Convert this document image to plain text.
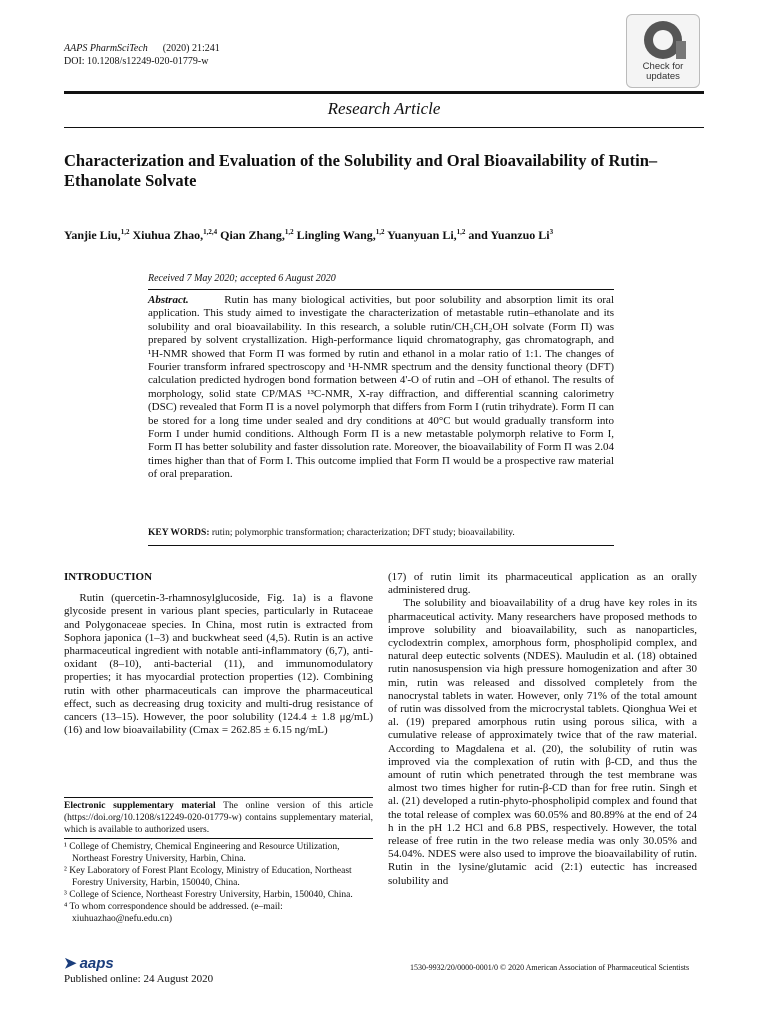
AAPS PharmSciTech (2020) 21:241
DOI: 10.1208/s12249-020-01779-w	Check for
updates
Research Article
Characterization and Evaluation of the Solubility and Oral Bioavailability of Rutin–Ethanolate Solvate
Yanjie Liu,$^{1,2}$ Xiuhua Zhao,$^{1,2,4}$ Qian Zhang,$^{1,2}$ Lingling Wang,$^{1,2}$ Yuanyuan Li,$^{1,2}$ and Yuanzuo Li$^3$
Received 7 May 2020; accepted 6 August 2020
Abstract.	Rutin has many biological activities, but poor solubility and absorption limit its oral application. This study aimed to investigate the characterization of metastable rutin–ethanolate and its solubility and oral bioavailability. In this research, a soluble rutin/CH₃CH₂OH solvate (Form Π) was prepared by solvent crystallization. High-performance liquid chromatography, gas chromatograph, and ¹H-NMR showed that Form Π was formed by rutin and ethanol in a molar ratio of 1:1. The changes of Fourier transform infrared spectroscopy and ¹H-NMR spectrum and the density functional theory (DFT) calculation predicted hydrogen bond formation between 4'-O of rutin and –OH of ethanol. The results of morphology, solid state CP/MAS ¹³C-NMR, X-ray diffraction, and differential scanning calorimetry (DSC) revealed that Form Π is a novel polymorph that differs from Form I (rutin trihydrate). Form Π can be stored for a long time under sealed and dry conditions at 40°C but would gradually transform into Form I under humid conditions. Although Form Π is a new metastable polymorph relative to Form I, Form Π has better solubility and faster dissolution rate. Moreover, the bioavailability of Form Π was 2.04 times higher than that of Form I. This outcome implied that Form Π would be a prospective raw material of oral preparation.
KEY WORDS: rutin; polymorphic transformation; characterization; DFT study; bioavailability.
INTRODUCTION

Rutin (quercetin-3-rhamnosylglucoside, Fig. 1a) is a flavone glycoside present in various plant species, particularly in Rutaceae and Polygonaceae species. In China, most rutin is extracted from Sophora japonica (1–3) and buckwheat seed (4,5). Rutin is an active pharmaceutical ingredient with notable anti-inflammatory (6,7), anti-oxidant (8–10), anti-bacterial (11), and immunomodulatory properties; it has myocardial protection properties (12). Combining rutin with other pharmaceuticals can improve the pharmaceutical effect, such as decreasing drug toxicity and multi-drug resistance of cancers (13–15). However, the poor solubility (124.4 ± 1.8 μg/mL) (16) and low bioavailability (Cmax = 262.85 ± 6.15 ng/mL)

Electronic supplementary material The online version of this article (https://doi.org/10.1208/s12249-020-01779-w) contains supplementary material, which is available to authorized users.
¹ College of Chemistry, Chemical Engineering and Resource Utilization, Northeast Forestry University, Harbin, China.
² Key Laboratory of Forest Plant Ecology, Ministry of Education, Northeast Forestry University, Harbin, 150040, China.
³ College of Science, Northeast Forestry University, Harbin, 150040, China.
⁴ To whom correspondence should be addressed. (e–mail: xiuhuazhao@nefu.edu.cn)

(17) of rutin limit its pharmaceutical application as an orally administered drug.

The solubility and bioavailability of a drug have key roles in its pharmaceutical activity. Many researchers have proposed methods to improve solubility and bioavailability, such as nanoparticles, cyclodextrin complex, amorphous form, phospholipid complex, and natural deep eutectic solvents (NDES). Mauludin et al. (18) obtained rutin nanosuspension via high pressure homogenization and after 30 min, rutin was released and dissolved completely from the nanocrystal tablets in water. However, only 71% of the total amount of rutin was dissolved from the microcrystal tablets. Qionghua Wei et al. (19) prepared amorphous rutin using porous silica, with a cumulative release of approximately twice that of the raw material. According to Magdalena et al. (20), the solubility of rutin was improved via the complexation of rutin with β-CD, and thus the amount of rutin which penetrated through the test membrane was almost two times higher for rutin-β-CD than for free rutin. Singh et al. (21) developed a rutin-phyto-phospholipid complex and found that the total release of complex was 60.05% and 80.89% at the end of 24 h in the pH 1.2 HCl and 6.8 PBS, respectively. However, the total release of free rutin in the two release media was only 30.05% and 54.04%. NDES were also used to improve the bioavailability of rutin. Rutin in the lysine/glutamic acid (2:1) eutectic has increased solubility and

➤ aaps
Published online: 24 August 2020
1530-9932/20/0000-0001/0 © 2020 American Association of Pharmaceutical Scientists
